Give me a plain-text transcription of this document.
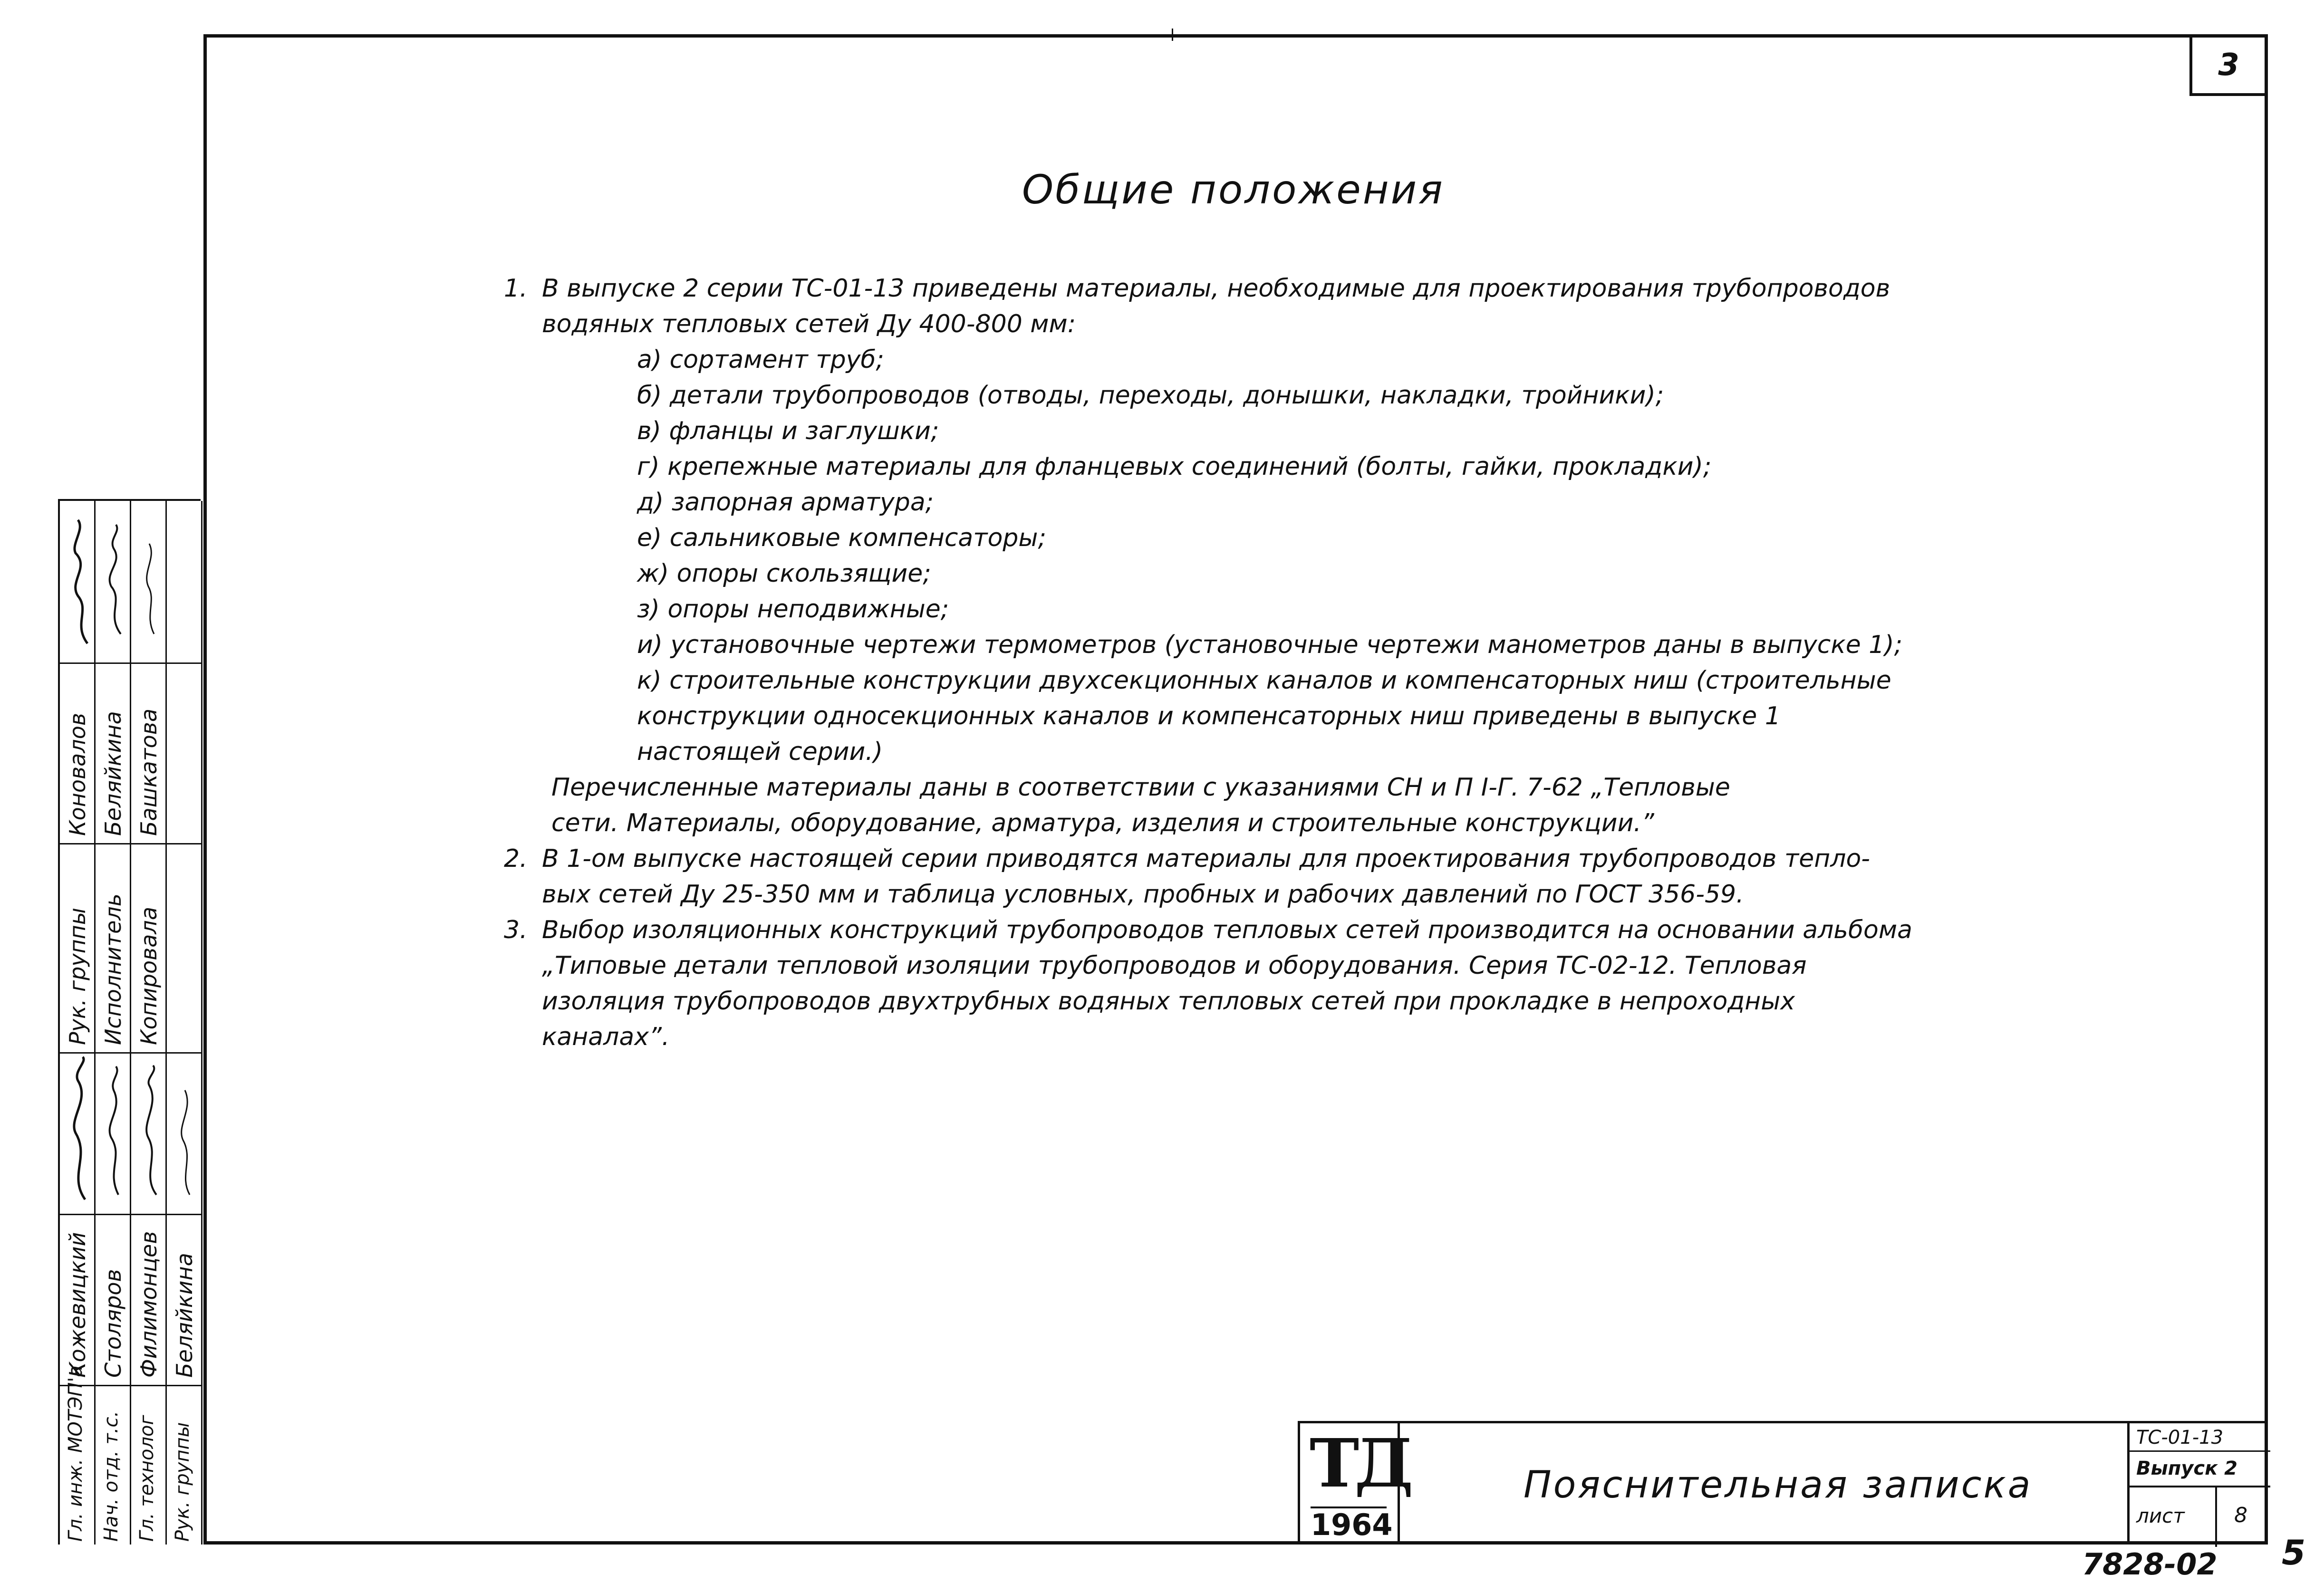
3
Общие положения
1. В выпуске 2 серии ТС-01-13 приведены материалы, необходимые для проектирования трубопроводов
водяных тепловых сетей Ду 400-800 мм:
а) сортамент труб;
б) детали трубопроводов (отводы, переходы, донышки, накладки, тройники);
в) фланцы и заглушки;
г) крепежные материалы для фланцевых соединений (болты, гайки, прокладки);
д) запорная арматура;
е) сальниковые компенсаторы;
ж) опоры скользящие;
з) опоры неподвижные;
и) установочные чертежи термометров (установочные чертежи манометров даны в выпуске 1);
к) строительные конструкции двухсекционных каналов и компенсаторных ниш (строительные
конструкции односекционных каналов и компенсаторных ниш приведены в выпуске 1
настоящей серии.)
Перечисленные материалы даны в соответствии с указаниями СН и П I-Г. 7-62 „Тепловые
сети. Материалы, оборудование, арматура, изделия и строительные конструкции.”
2. В 1-ом выпуске настоящей серии приводятся материалы для проектирования трубопроводов тепло-
вых сетей Ду 25-350 мм и таблица условных, пробных и рабочих давлений по ГОСТ 356-59.
3. Выбор изоляционных конструкций трубопроводов тепловых сетей производится на основании альбома
„Типовые детали тепловой изоляции трубопроводов и оборудования. Серия ТС-02-12. Тепловая
изоляция трубопроводов двухтрубных водяных тепловых сетей при прокладке в непроходных
каналах”.
Рук. группы Исполнитель Копировала
Коновалов Беляйкина Башкатова
Гл. инж. МОТЭП'а Нач. отд. т.с. Гл. технолог Рук. группы
Кожевицкий Столяров Филимонцев Беляйкина
ТД
1964
Пояснительная записка
ТС-01-13
Выпуск 2
лист 8
7828-02 5
